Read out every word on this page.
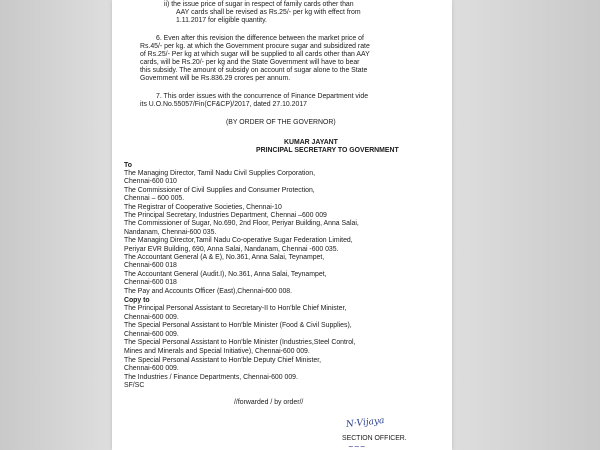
ii) the issue price of sugar in respect of family cards other than

AAY cards shall be revised as Rs.25/- per kg with effect from

1.11.2017 for eligible quantity.

6. Even after this revision the difference between the market price of

Rs.45/- per kg. at which the Government procure sugar and subsidized rate

of Rs.25/- Per kg at which sugar will be supplied to all cards other than AAY

cards, will be Rs.20/- per kg and the State Government will have to bear

this subsidy. The amount of subsidy on account of sugar alone to the State

Government will be Rs.836.29 crores per annum.

7. This order issues with the concurrence of Finance Department vide

its U.O.No.55057/Fin(CF&CP)/2017, dated 27.10.2017

(BY ORDER OF THE GOVERNOR)

KUMAR JAYANT

PRINCIPAL SECRETARY TO GOVERNMENT

To

The Managing Director, Tamil Nadu Civil Supplies Corporation,

Chennai-600 010

The Commissioner of Civil Supplies and Consumer Protection,

Chennai – 600 005.

The Registrar of Cooperative Societies, Chennai-10

The Principal Secretary, Industries Department, Chennai –600 009

The Commissioner of Sugar, No.690, 2nd Floor, Periyar Building, Anna Salai,

Nandanam, Chennai-600 035.

The Managing Director,Tamil Nadu Co-operative Sugar Federation Limited,

Periyar EVR Building, 690, Anna Salai, Nandanam, Chennai -600 035.

The Accountant General (A & E), No.361, Anna Salai, Teynampet,

Chennai-600 018

The Accountant General (Audit.I), No.361, Anna Salai, Teynampet,

Chennai-600 018

The Pay and Accounts Officer (East),Chennai-600 008.

Copy to

The Principal Personal Assistant to Secretary-II to Hon'ble Chief Minister,

Chennai-600 009.

The Special Personal Assistant to Hon'ble Minister (Food & Civil Supplies),

Chennai-600 009.

The Special Personal Assistant to Hon'ble Minister (Industries,Steel Control,

Mines and Minerals and Special Initiative), Chennai-600 009.

The Special Personal Assistant to Hon'ble Deputy Chief Minister,

Chennai-600 009.

The Industries / Finance Departments, Chennai-600 009.

SF/SC

//forwarded / by order//

N·Vijaya

SECTION OFFICER.

~~~
